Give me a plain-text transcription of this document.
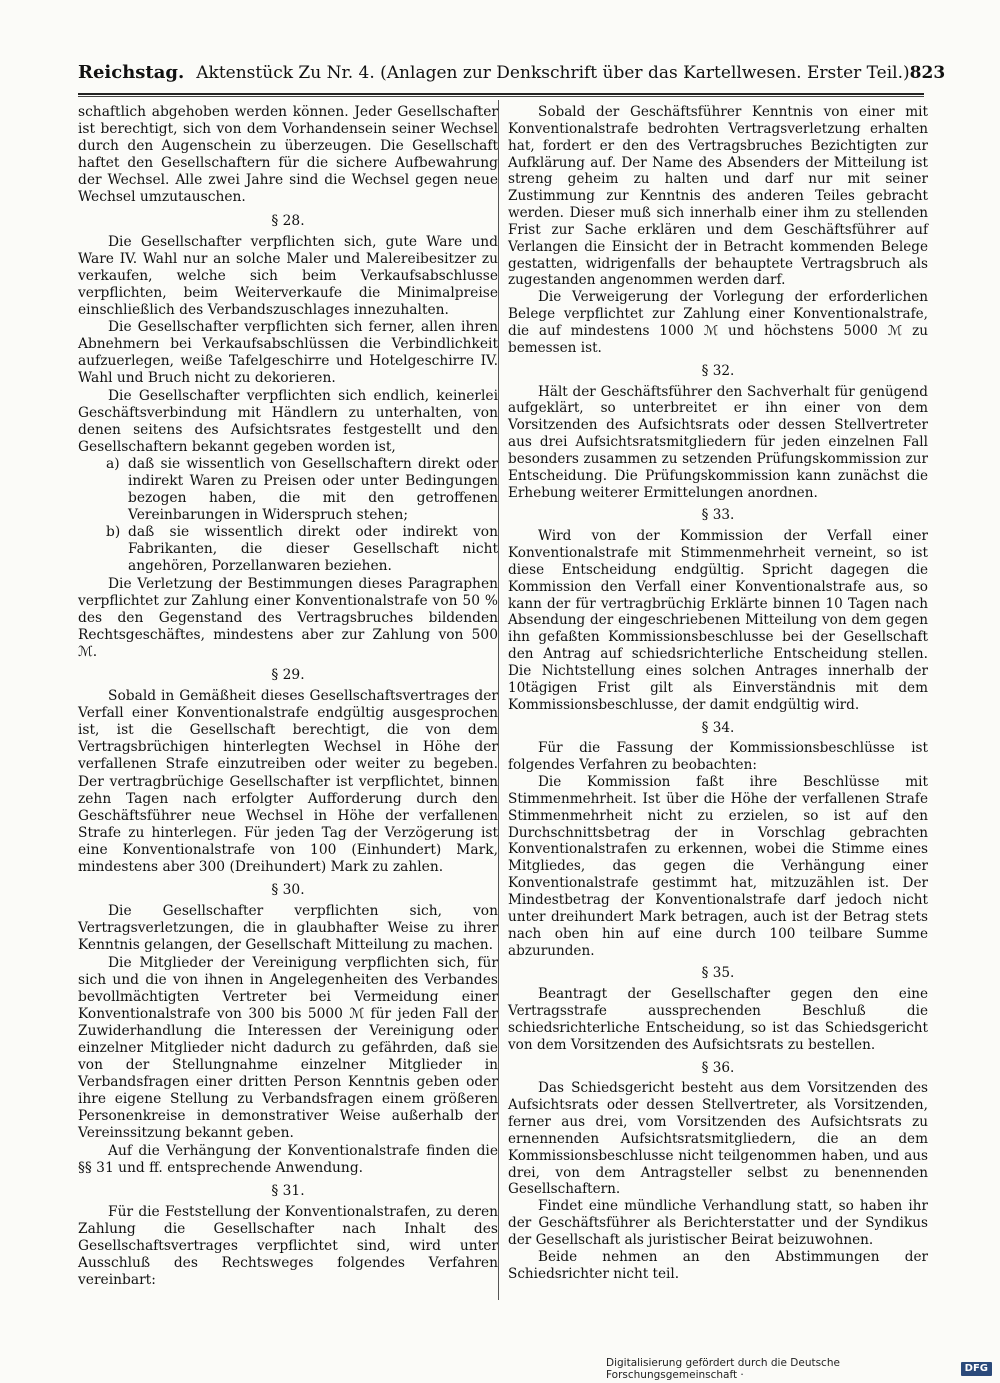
Reichstag. Aktenstück Zu Nr. 4. (Anlagen zur Denkschrift über das Kartellwesen. Erster Teil.) 823

schaftlich abgehoben werden können. Jeder Gesellschafter ist berechtigt, sich von dem Vorhandensein seiner Wechsel durch den Augenschein zu überzeugen. Die Gesellschaft haftet den Gesellschaftern für die sichere Aufbewahrung der Wechsel. Alle zwei Jahre sind die Wechsel gegen neue Wechsel umzutauschen.

§ 28.

Die Gesellschafter verpflichten sich, gute Ware und Ware IV. Wahl nur an solche Maler und Malereibesitzer zu verkaufen, welche sich beim Verkaufsabschlusse verpflichten, beim Weiterverkaufe die Minimalpreise einschließlich des Verbandszuschlages innezuhalten.

Die Gesellschafter verpflichten sich ferner, allen ihren Abnehmern bei Verkaufsabschlüssen die Verbindlichkeit aufzuerlegen, weiße Tafelgeschirre und Hotelgeschirre IV. Wahl und Bruch nicht zu dekorieren.

Die Gesellschafter verpflichten sich endlich, keinerlei Geschäftsverbindung mit Händlern zu unterhalten, von denen seitens des Aufsichtsrates festgestellt und den Gesellschaftern bekannt gegeben worden ist,

a) daß sie wissentlich von Gesellschaftern direkt oder indirekt Waren zu Preisen oder unter Bedingungen bezogen haben, die mit den getroffenen Vereinbarungen in Widerspruch stehen;
b) daß sie wissentlich direkt oder indirekt von Fabrikanten, die dieser Gesellschaft nicht angehören, Porzellanwaren beziehen.

Die Verletzung der Bestimmungen dieses Paragraphen verpflichtet zur Zahlung einer Konventionalstrafe von 50 % des den Gegenstand des Vertragsbruches bildenden Rechtsgeschäftes, mindestens aber zur Zahlung von 500 ℳ.

§ 29.

Sobald in Gemäßheit dieses Gesellschaftsvertrages der Verfall einer Konventionalstrafe endgültig ausgesprochen ist, ist die Gesellschaft berechtigt, die von dem Vertragsbrüchigen hinterlegten Wechsel in Höhe der verfallenen Strafe einzutreiben oder weiter zu begeben. Der vertragbrüchige Gesellschafter ist verpflichtet, binnen zehn Tagen nach erfolgter Aufforderung durch den Geschäftsführer neue Wechsel in Höhe der verfallenen Strafe zu hinterlegen. Für jeden Tag der Verzögerung ist eine Konventionalstrafe von 100 (Einhundert) Mark, mindestens aber 300 (Dreihundert) Mark zu zahlen.

§ 30.

Die Gesellschafter verpflichten sich, von Vertragsverletzungen, die in glaubhafter Weise zu ihrer Kenntnis gelangen, der Gesellschaft Mitteilung zu machen.

Die Mitglieder der Vereinigung verpflichten sich, für sich und die von ihnen in Angelegenheiten des Verbandes bevollmächtigten Vertreter bei Vermeidung einer Konventionalstrafe von 300 bis 5000 ℳ für jeden Fall der Zuwiderhandlung die Interessen der Vereinigung oder einzelner Mitglieder nicht dadurch zu gefährden, daß sie von der Stellungnahme einzelner Mitglieder in Verbandsfragen einer dritten Person Kenntnis geben oder ihre eigene Stellung zu Verbandsfragen einem größeren Personenkreise in demonstrativer Weise außerhalb der Vereinssitzung bekannt geben.

Auf die Verhängung der Konventionalstrafe finden die §§ 31 und ff. entsprechende Anwendung.

§ 31.

Für die Feststellung der Konventionalstrafen, zu deren Zahlung die Gesellschafter nach Inhalt des Gesellschaftsvertrages verpflichtet sind, wird unter Ausschluß des Rechtsweges folgendes Verfahren vereinbart:

Sobald der Geschäftsführer Kenntnis von einer mit Konventionalstrafe bedrohten Vertragsverletzung erhalten hat, fordert er den des Vertragsbruches Bezichtigten zur Aufklärung auf. Der Name des Absenders der Mitteilung ist streng geheim zu halten und darf nur mit seiner Zustimmung zur Kenntnis des anderen Teiles gebracht werden. Dieser muß sich innerhalb einer ihm zu stellenden Frist zur Sache erklären und dem Geschäftsführer auf Verlangen die Einsicht der in Betracht kommenden Belege gestatten, widrigenfalls der behauptete Vertragsbruch als zugestanden angenommen werden darf.

Die Verweigerung der Vorlegung der erforderlichen Belege verpflichtet zur Zahlung einer Konventionalstrafe, die auf mindestens 1000 ℳ und höchstens 5000 ℳ zu bemessen ist.

§ 32.

Hält der Geschäftsführer den Sachverhalt für genügend aufgeklärt, so unterbreitet er ihn einer von dem Vorsitzenden des Aufsichtsrats oder dessen Stellvertreter aus drei Aufsichtsratsmitgliedern für jeden einzelnen Fall besonders zusammen zu setzenden Prüfungskommission zur Entscheidung. Die Prüfungskommission kann zunächst die Erhebung weiterer Ermittelungen anordnen.

§ 33.

Wird von der Kommission der Verfall einer Konventionalstrafe mit Stimmenmehrheit verneint, so ist diese Entscheidung endgültig. Spricht dagegen die Kommission den Verfall einer Konventionalstrafe aus, so kann der für vertragbrüchig Erklärte binnen 10 Tagen nach Absendung der eingeschriebenen Mitteilung von dem gegen ihn gefaßten Kommissionsbeschlusse bei der Gesellschaft den Antrag auf schiedsrichterliche Entscheidung stellen. Die Nichtstellung eines solchen Antrages innerhalb der 10tägigen Frist gilt als Einverständnis mit dem Kommissionsbeschlusse, der damit endgültig wird.

§ 34.

Für die Fassung der Kommissionsbeschlüsse ist folgendes Verfahren zu beobachten:

Die Kommission faßt ihre Beschlüsse mit Stimmenmehrheit. Ist über die Höhe der verfallenen Strafe Stimmenmehrheit nicht zu erzielen, so ist auf den Durchschnittsbetrag der in Vorschlag gebrachten Konventionalstrafen zu erkennen, wobei die Stimme eines Mitgliedes, das gegen die Verhängung einer Konventionalstrafe gestimmt hat, mitzuzählen ist. Der Mindestbetrag der Konventionalstrafe darf jedoch nicht unter dreihundert Mark betragen, auch ist der Betrag stets nach oben hin auf eine durch 100 teilbare Summe abzurunden.

§ 35.

Beantragt der Gesellschafter gegen den eine Vertragsstrafe aussprechenden Beschluß die schiedsrichterliche Entscheidung, so ist das Schiedsgericht von dem Vorsitzenden des Aufsichtsrats zu bestellen.

§ 36.

Das Schiedsgericht besteht aus dem Vorsitzenden des Aufsichtsrats oder dessen Stellvertreter, als Vorsitzenden, ferner aus drei, vom Vorsitzenden des Aufsichtsrats zu ernennenden Aufsichtsratsmitgliedern, die an dem Kommissionsbeschlusse nicht teilgenommen haben, und aus drei, von dem Antragsteller selbst zu benennenden Gesellschaftern.

Findet eine mündliche Verhandlung statt, so haben ihr der Geschäftsführer als Berichterstatter und der Syndikus der Gesellschaft als juristischer Beirat beizuwohnen.

Beide nehmen an den Abstimmungen der Schiedsrichter nicht teil.

Digitalisierung gefördert durch die Deutsche Forschungsgemeinschaft ·
DFG
